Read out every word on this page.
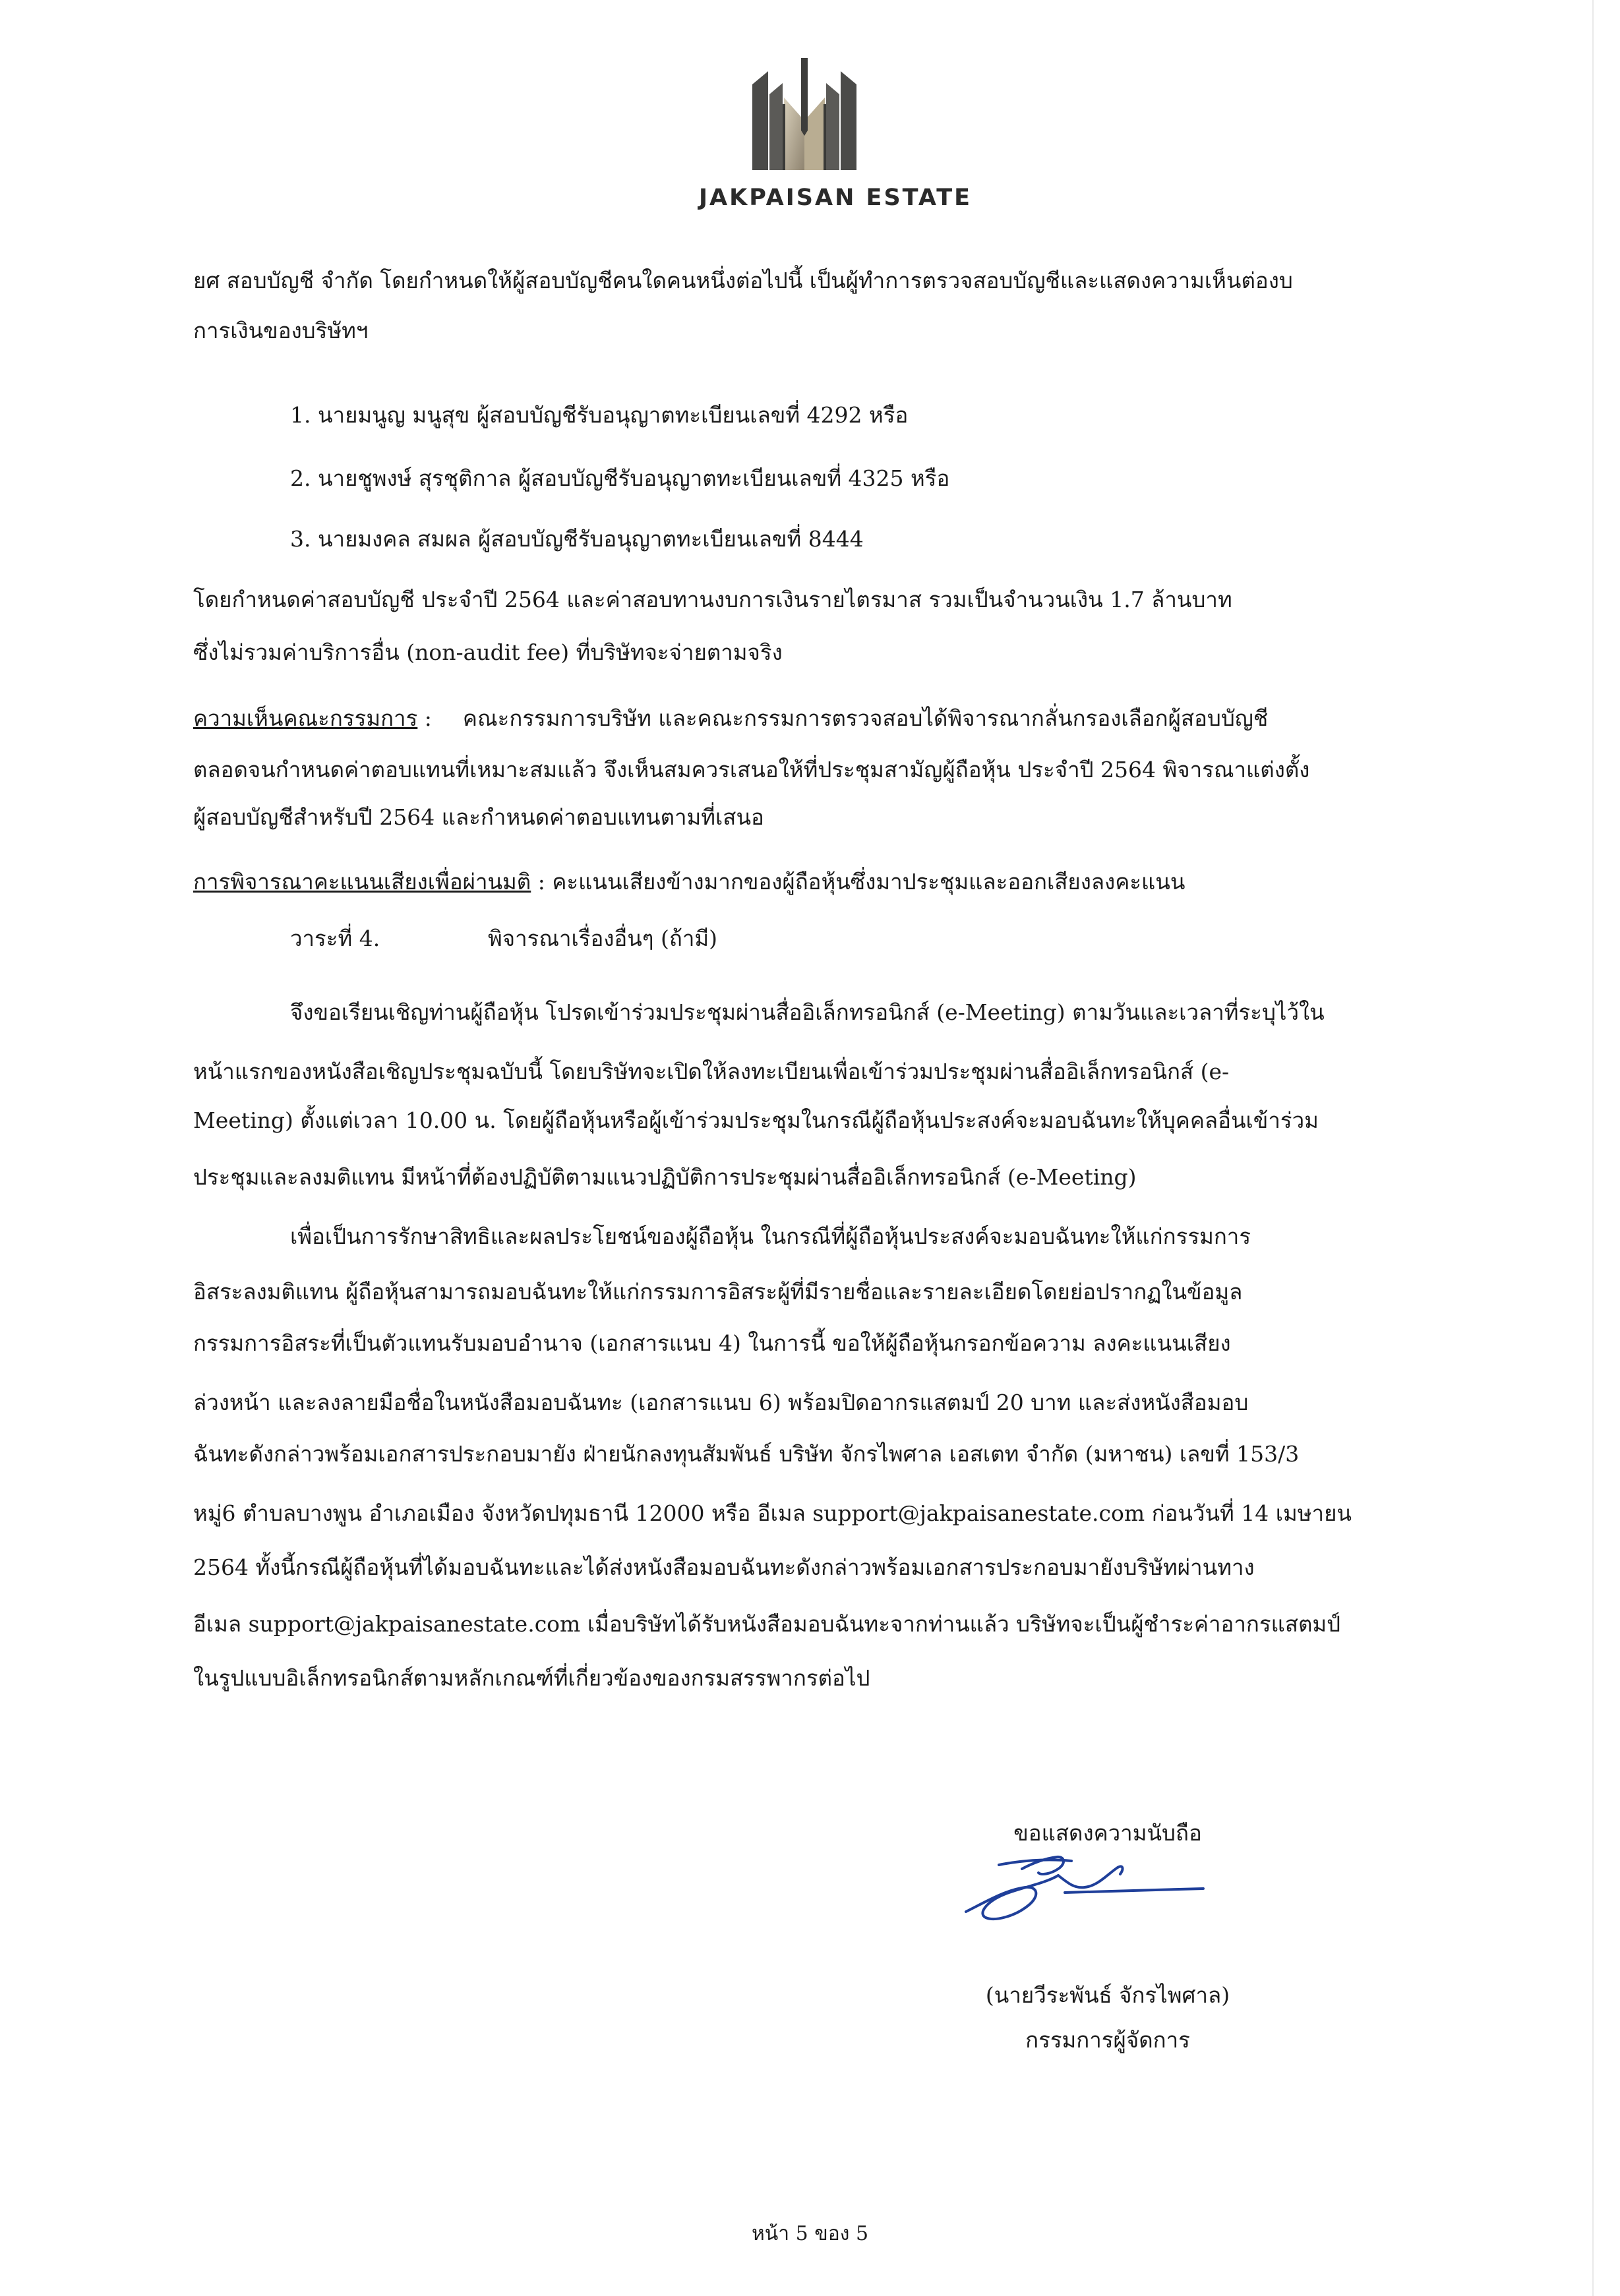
JAKPAISAN ESTATE
ยศ สอบบัญชี จำกัด โดยกำหนดให้ผู้สอบบัญชีคนใดคนหนึ่งต่อไปนี้ เป็นผู้ทำการตรวจสอบบัญชีและแสดงความเห็นต่องบ
การเงินของบริษัทฯ
1. นายมนูญ มนูสุข ผู้สอบบัญชีรับอนุญาตทะเบียนเลขที่ 4292 หรือ
2. นายชูพงษ์ สุรชุติกาล ผู้สอบบัญชีรับอนุญาตทะเบียนเลขที่ 4325 หรือ
3. นายมงคล สมผล ผู้สอบบัญชีรับอนุญาตทะเบียนเลขที่ 8444
โดยกำหนดค่าสอบบัญชี ประจำปี 2564 และค่าสอบทานงบการเงินรายไตรมาส รวมเป็นจำนวนเงิน 1.7 ล้านบาท
ซึ่งไม่รวมค่าบริการอื่น (non-audit fee) ที่บริษัทจะจ่ายตามจริง
ความเห็นคณะกรรมการ : คณะกรรมการบริษัท และคณะกรรมการตรวจสอบได้พิจารณากลั่นกรองเลือกผู้สอบบัญชี
ตลอดจนกำหนดค่าตอบแทนที่เหมาะสมแล้ว จึงเห็นสมควรเสนอให้ที่ประชุมสามัญผู้ถือหุ้น ประจำปี 2564 พิจารณาแต่งตั้ง
ผู้สอบบัญชีสำหรับปี 2564 และกำหนดค่าตอบแทนตามที่เสนอ
การพิจารณาคะแนนเสียงเพื่อผ่านมติ : คะแนนเสียงข้างมากของผู้ถือหุ้นซึ่งมาประชุมและออกเสียงลงคะแนน
วาระที่ 4.	พิจารณาเรื่องอื่นๆ (ถ้ามี)
จึงขอเรียนเชิญท่านผู้ถือหุ้น โปรดเข้าร่วมประชุมผ่านสื่ออิเล็กทรอนิกส์ (e-Meeting) ตามวันและเวลาที่ระบุไว้ใน
หน้าแรกของหนังสือเชิญประชุมฉบับนี้ โดยบริษัทจะเปิดให้ลงทะเบียนเพื่อเข้าร่วมประชุมผ่านสื่ออิเล็กทรอนิกส์ (e-
Meeting) ตั้งแต่เวลา 10.00 น. โดยผู้ถือหุ้นหรือผู้เข้าร่วมประชุมในกรณีผู้ถือหุ้นประสงค์จะมอบฉันทะให้บุคคลอื่นเข้าร่วม
ประชุมและลงมติแทน มีหน้าที่ต้องปฏิบัติตามแนวปฏิบัติการประชุมผ่านสื่ออิเล็กทรอนิกส์ (e-Meeting)
เพื่อเป็นการรักษาสิทธิและผลประโยชน์ของผู้ถือหุ้น ในกรณีที่ผู้ถือหุ้นประสงค์จะมอบฉันทะให้แก่กรรมการ
อิสระลงมติแทน ผู้ถือหุ้นสามารถมอบฉันทะให้แก่กรรมการอิสระผู้ที่มีรายชื่อและรายละเอียดโดยย่อปรากฏในข้อมูล
กรรมการอิสระที่เป็นตัวแทนรับมอบอำนาจ (เอกสารแนบ 4) ในการนี้ ขอให้ผู้ถือหุ้นกรอกข้อความ ลงคะแนนเสียง
ล่วงหน้า และลงลายมือชื่อในหนังสือมอบฉันทะ (เอกสารแนบ 6) พร้อมปิดอากรแสตมป์ 20 บาท และส่งหนังสือมอบ
ฉันทะดังกล่าวพร้อมเอกสารประกอบมายัง ฝ่ายนักลงทุนสัมพันธ์ บริษัท จักรไพศาล เอสเตท จำกัด (มหาชน) เลขที่ 153/3
หมู่6 ตำบลบางพูน อำเภอเมือง จังหวัดปทุมธานี 12000 หรือ อีเมล support@jakpaisanestate.com ก่อนวันที่ 14 เมษายน
2564 ทั้งนี้กรณีผู้ถือหุ้นที่ได้มอบฉันทะและได้ส่งหนังสือมอบฉันทะดังกล่าวพร้อมเอกสารประกอบมายังบริษัทผ่านทาง
อีเมล support@jakpaisanestate.com เมื่อบริษัทได้รับหนังสือมอบฉันทะจากท่านแล้ว บริษัทจะเป็นผู้ชำระค่าอากรแสตมป์
ในรูปแบบอิเล็กทรอนิกส์ตามหลักเกณฑ์ที่เกี่ยวข้องของกรมสรรพากรต่อไป
ขอแสดงความนับถือ
(นายวีระพันธ์ จักรไพศาล)
กรรมการผู้จัดการ
หน้า 5 ของ 5
